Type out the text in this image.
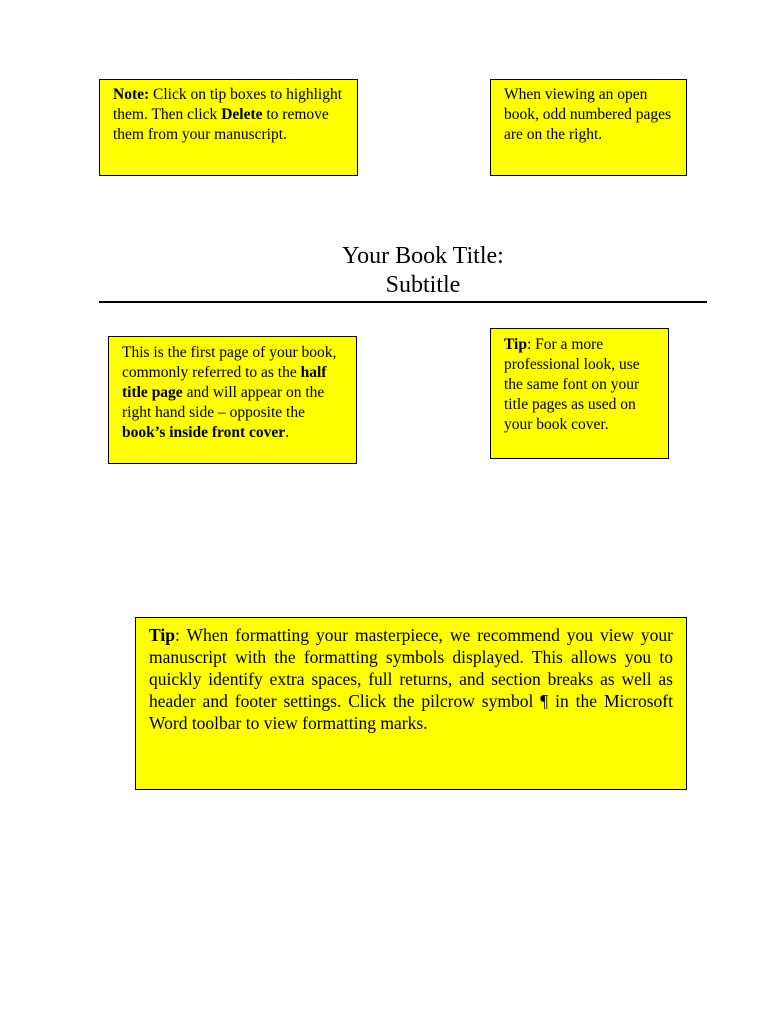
Note: Click on tip boxes to highlight them. Then click Delete to remove them from your manuscript.
When viewing an open book, odd numbered pages are on the right.
Your Book Title:
Subtitle
This is the first page of your book, commonly referred to as the half title page and will appear on the right hand side – opposite the book’s inside front cover.
Tip: For a more professional look, use the same font on your title pages as used on your book cover.
Tip: When formatting your masterpiece, we recommend you view your manuscript with the formatting symbols displayed. This allows you to quickly identify extra spaces, full returns, and section breaks as well as header and footer settings. Click the pilcrow symbol ¶ in the Microsoft Word toolbar to view formatting marks.
